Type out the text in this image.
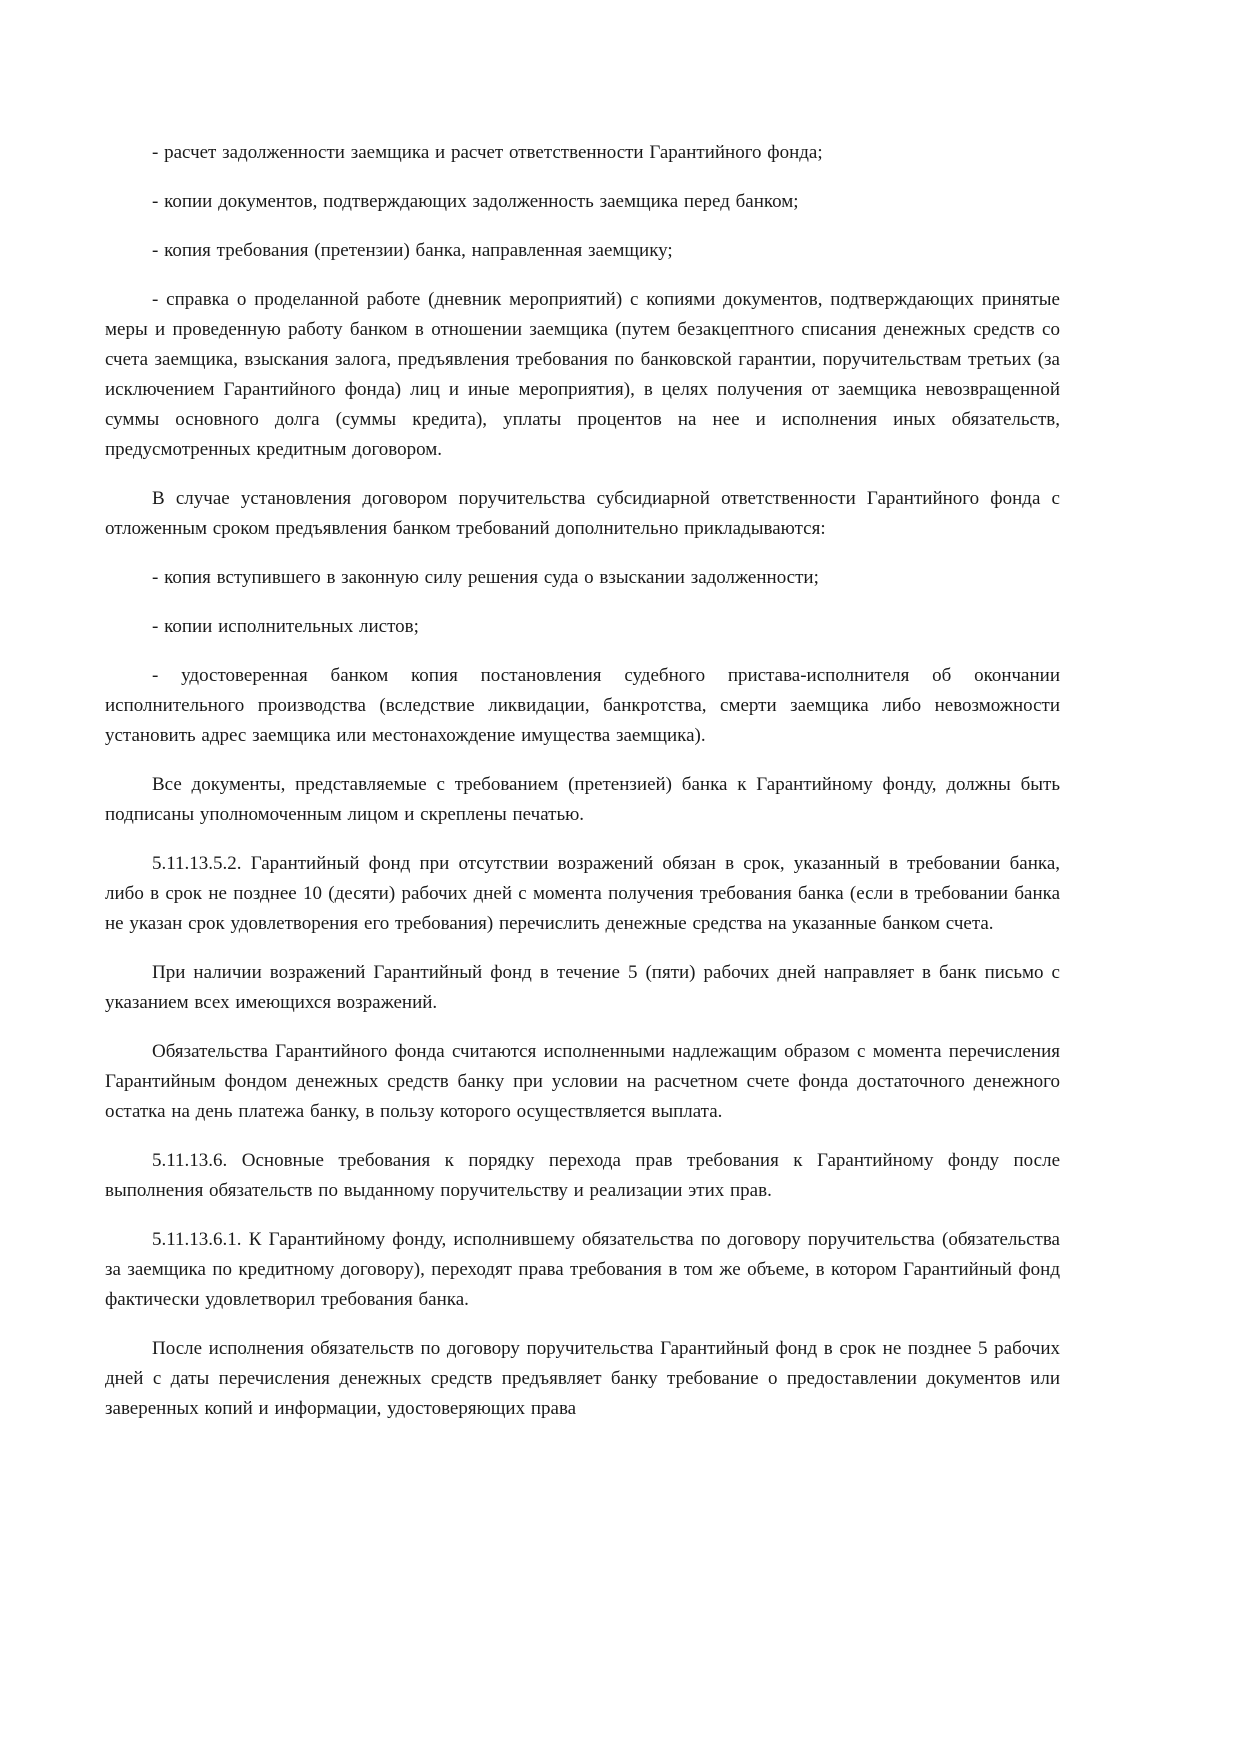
- расчет задолженности заемщика и расчет ответственности Гарантийного фонда;

- копии документов, подтверждающих задолженность заемщика перед банком;

- копия требования (претензии) банка, направленная заемщику;

- справка о проделанной работе (дневник мероприятий) с копиями документов, подтверждающих принятые меры и проведенную работу банком в отношении заемщика (путем безакцептного списания денежных средств со счета заемщика, взыскания залога, предъявления требования по банковской гарантии, поручительствам третьих (за исключением Гарантийного фонда) лиц и иные мероприятия), в целях получения от заемщика невозвращенной суммы основного долга (суммы кредита), уплаты процентов на нее и исполнения иных обязательств, предусмотренных кредитным договором.

В случае установления договором поручительства субсидиарной ответственности Гарантийного фонда с отложенным сроком предъявления банком требований дополнительно прикладываются:

- копия вступившего в законную силу решения суда о взыскании задолженности;

- копии исполнительных листов;

- удостоверенная банком копия постановления судебного пристава-исполнителя об окончании исполнительного производства (вследствие ликвидации, банкротства, смерти заемщика либо невозможности установить адрес заемщика или местонахождение имущества заемщика).

Все документы, представляемые с требованием (претензией) банка к Гарантийному фонду, должны быть подписаны уполномоченным лицом и скреплены печатью.

5.11.13.5.2. Гарантийный фонд при отсутствии возражений обязан в срок, указанный в требовании банка, либо в срок не позднее 10 (десяти) рабочих дней с момента получения требования банка (если в требовании банка не указан срок удовлетворения его требования) перечислить денежные средства на указанные банком счета.

При наличии возражений Гарантийный фонд в течение 5 (пяти) рабочих дней направляет в банк письмо с указанием всех имеющихся возражений.

Обязательства Гарантийного фонда считаются исполненными надлежащим образом с момента перечисления Гарантийным фондом денежных средств банку при условии на расчетном счете фонда достаточного денежного остатка на день платежа банку, в пользу которого осуществляется выплата.

5.11.13.6. Основные требования к порядку перехода прав требования к Гарантийному фонду после выполнения обязательств по выданному поручительству и реализации этих прав.

5.11.13.6.1. К Гарантийному фонду, исполнившему обязательства по договору поручительства (обязательства за заемщика по кредитному договору), переходят права требования в том же объеме, в котором Гарантийный фонд фактически удовлетворил требования банка.

После исполнения обязательств по договору поручительства Гарантийный фонд в срок не позднее 5 рабочих дней с даты перечисления денежных средств предъявляет банку требование о предоставлении документов или заверенных копий и информации, удостоверяющих права
